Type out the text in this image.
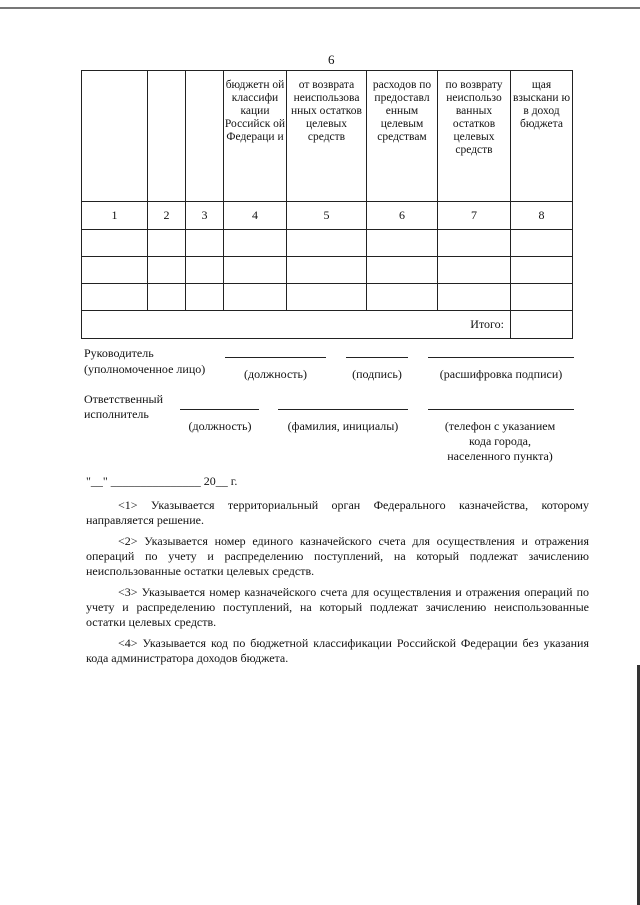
6
			бюджетн ой классифи кации Российск ой Федераци и	от возврата неиспользова нных остатков целевых средств	расходов по предоставл енным целевым средствам	по возврату неиспользо ванных остатков целевых средств	щая взыскани ю в доход бюджета
1	2	3	4	5	6	7	8

Итого:							
Руководитель
(уполномоченное лицо)	(должность)	(подпись)	(расшифровка подписи)
Ответственный
исполнитель
(должность)	(фамилия, инициалы)	(телефон с указанием кода города, населенного пункта)
"__" _______________ 20__ г.

<1> Указывается территориальный орган Федерального казначейства, которому направляется решение.

<2> Указывается номер единого казначейского счета для осуществления и отражения операций по учету и распределению поступлений, на который подлежат зачислению неиспользованные остатки целевых средств.

<3> Указывается номер казначейского счета для осуществления и отражения операций по учету и распределению поступлений, на который подлежат зачислению неиспользованные остатки целевых средств.

<4> Указывается код по бюджетной классификации Российской Федерации без указания кода администратора доходов бюджета.
